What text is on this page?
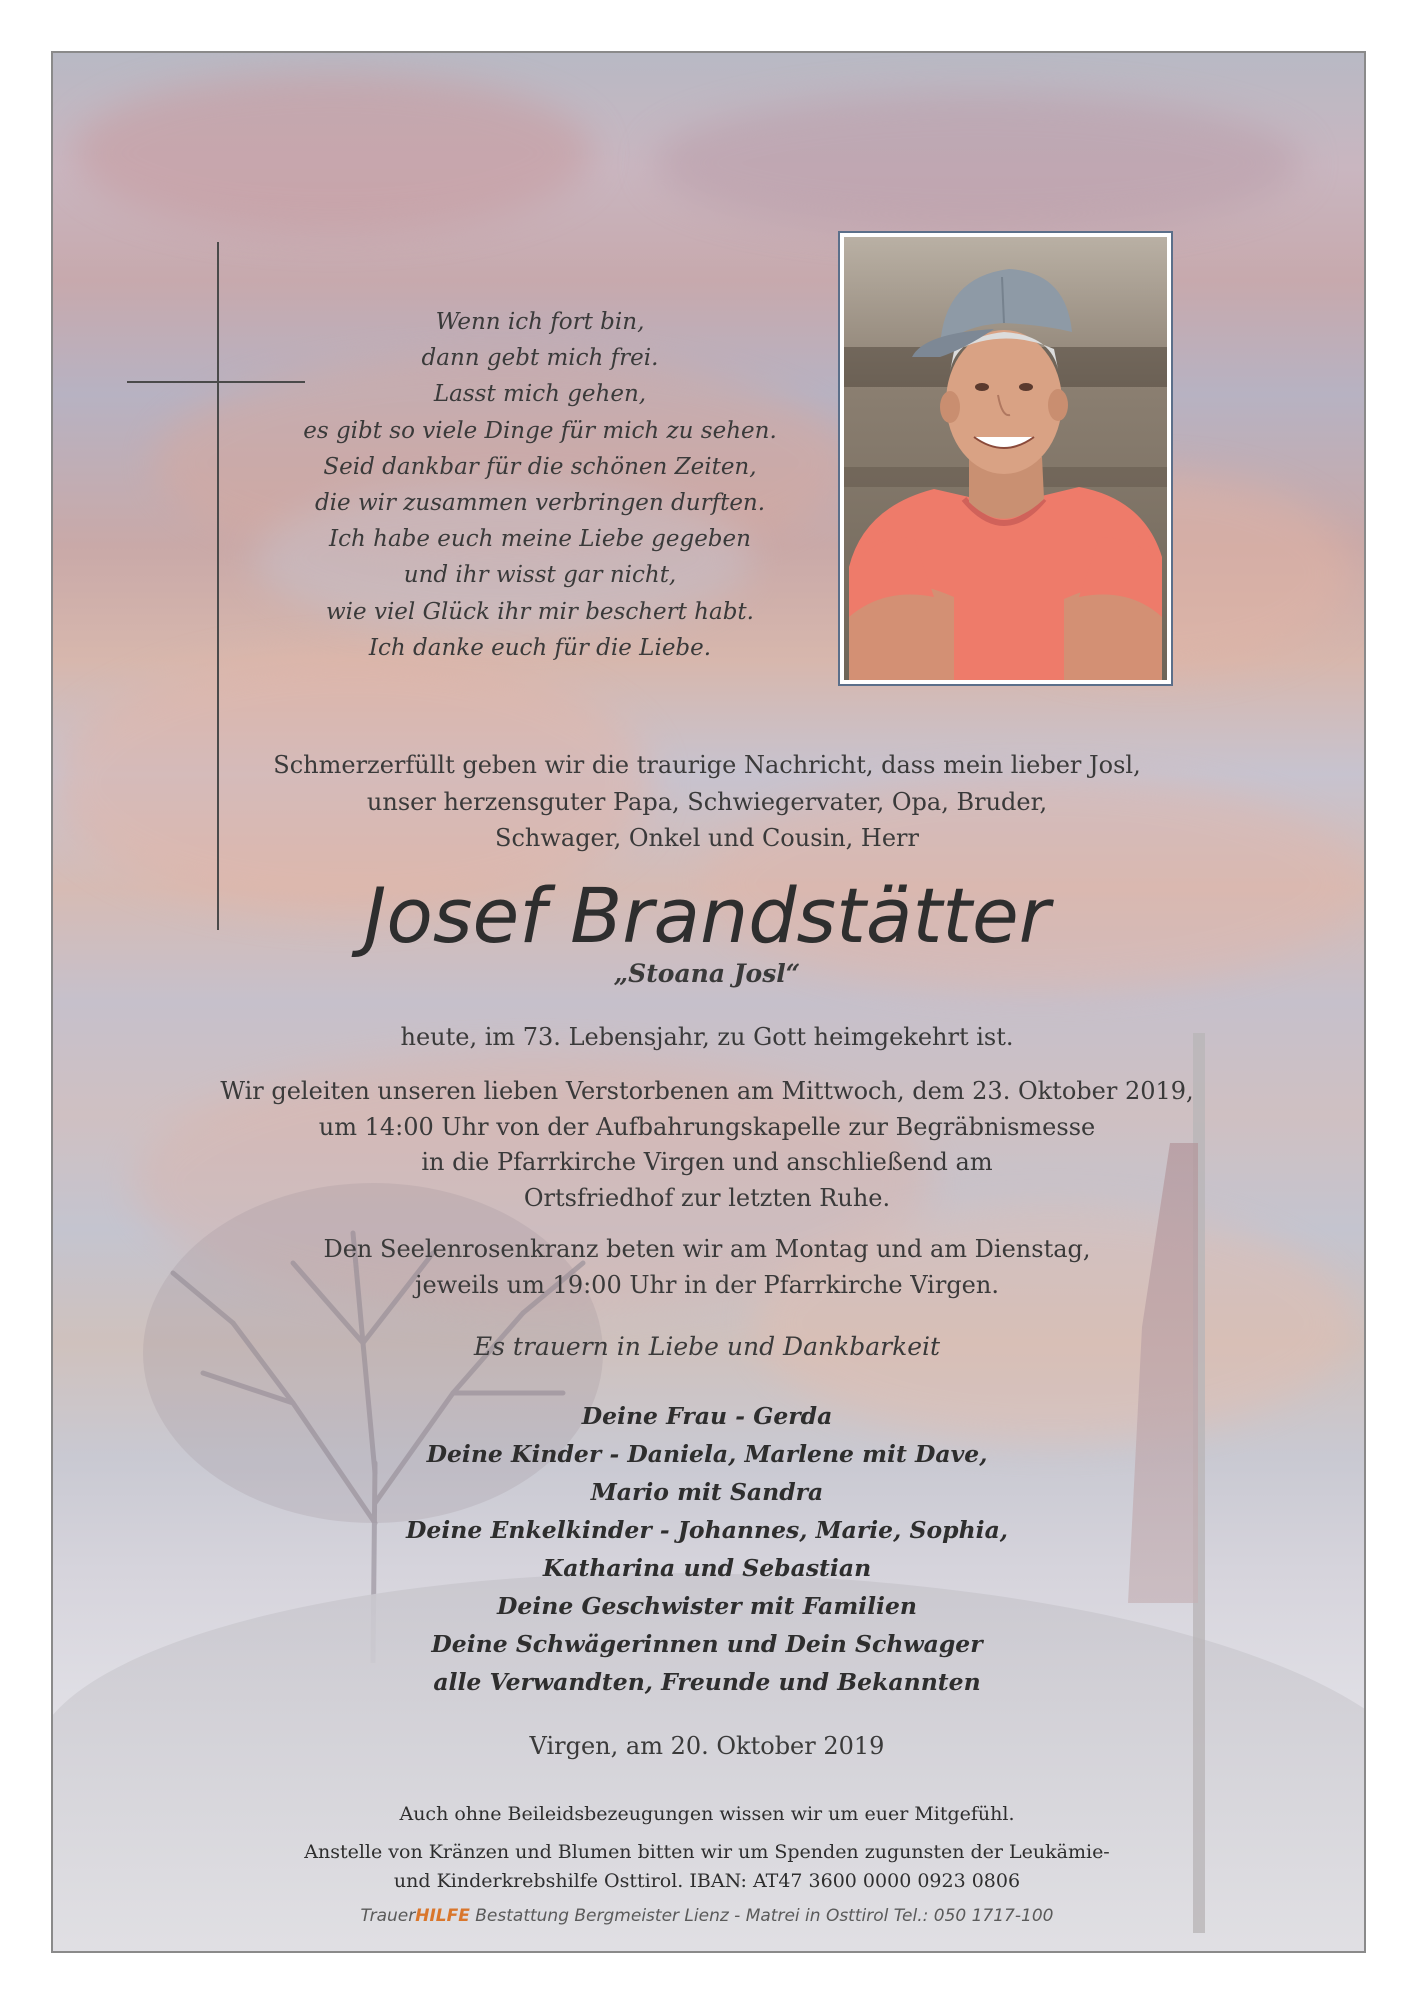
Wenn ich fort bin,
dann gebt mich frei.
Lasst mich gehen,
es gibt so viele Dinge für mich zu sehen.
Seid dankbar für die schönen Zeiten,
die wir zusammen verbringen durften.
Ich habe euch meine Liebe gegeben
und ihr wisst gar nicht,
wie viel Glück ihr mir beschert habt.
Ich danke euch für die Liebe.
Schmerzerfüllt geben wir die traurige Nachricht, dass mein lieber Josl,
unser herzensguter Papa, Schwiegervater, Opa, Bruder,
Schwager, Onkel und Cousin, Herr
Josef Brandstätter
„Stoana Josl“
heute, im 73. Lebensjahr, zu Gott heimgekehrt ist.
Wir geleiten unseren lieben Verstorbenen am Mittwoch, dem 23. Oktober 2019,
um 14:00 Uhr von der Aufbahrungskapelle zur Begräbnismesse
in die Pfarrkirche Virgen und anschließend am
Ortsfriedhof zur letzten Ruhe.
Den Seelenrosenkranz beten wir am Montag und am Dienstag,
jeweils um 19:00 Uhr in der Pfarrkirche Virgen.
Es trauern in Liebe und Dankbarkeit
Deine Frau - Gerda
Deine Kinder - Daniela, Marlene mit Dave,
Mario mit Sandra
Deine Enkelkinder - Johannes, Marie, Sophia,
Katharina und Sebastian
Deine Geschwister mit Familien
Deine Schwägerinnen und Dein Schwager
alle Verwandten, Freunde und Bekannten
Virgen, am 20. Oktober 2019
Auch ohne Beileidsbezeugungen wissen wir um euer Mitgefühl.
Anstelle von Kränzen und Blumen bitten wir um Spenden zugunsten der Leukämie-
und Kinderkrebshilfe Osttirol. IBAN: AT47 3600 0000 0923 0806
TrauerHILFE Bestattung Bergmeister Lienz - Matrei in Osttirol Tel.: 050 1717-100
